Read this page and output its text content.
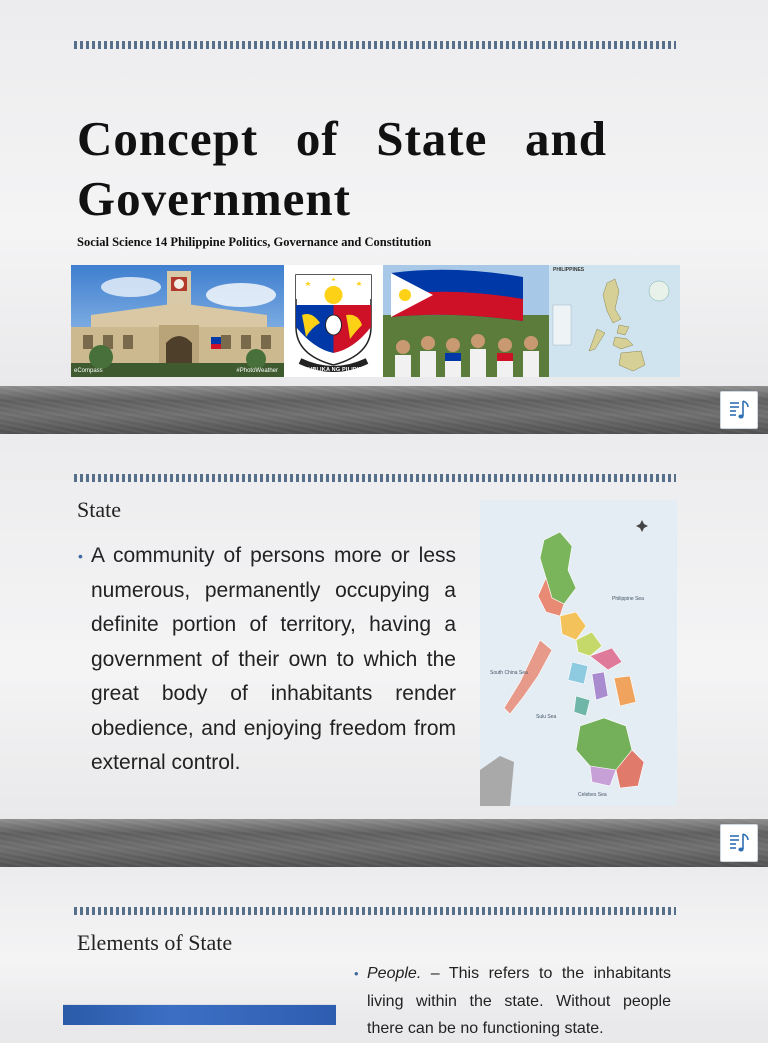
Concept of State and
Government
Social Science 14 Philippine Politics, Governance and Constitution
eCompass	#PhotoWeather	REPUBLIKA NG PILIPINAS
PHILIPPINES
State
• A community of persons more or less numerous, permanently occupying a definite portion of territory, having a government of their own to which the great body of inhabitants render obedience, and enjoying freedom from external control.
Philippine Sea
South China Sea
Sulu Sea
Celebes Sea
Elements of State
• People. – This refers to the inhabitants living within the state. Without people there can be no functioning state.
